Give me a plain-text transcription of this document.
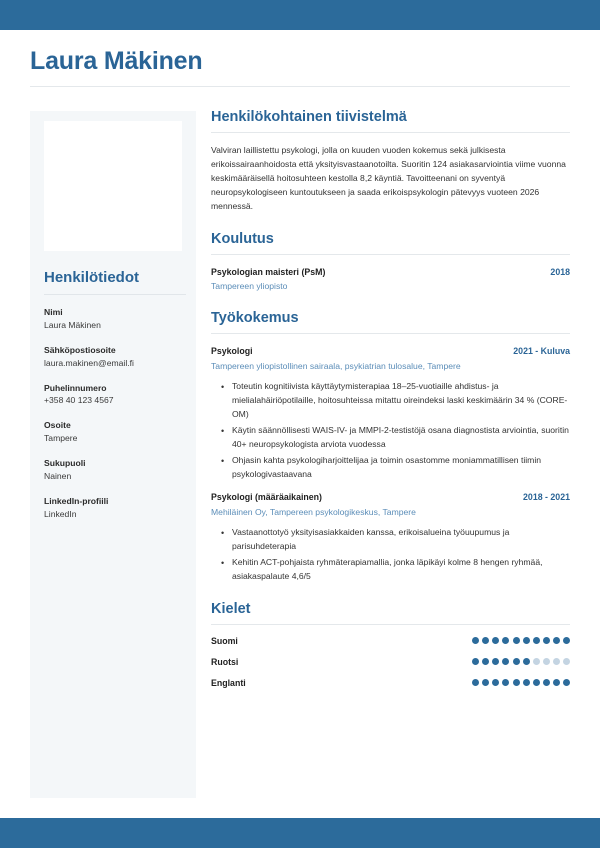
Laura Mäkinen
Henkilötiedot
Nimi
Laura Mäkinen
Sähköpostiosoite
laura.makinen@email.fi
Puhelinnumero
+358 40 123 4567
Osoite
Tampere
Sukupuoli
Nainen
LinkedIn-profiili
LinkedIn
Henkilökohtainen tiivistelmä

Valviran laillistettu psykologi, jolla on kuuden vuoden kokemus sekä julkisesta erikoissairaanhoidosta että yksityisvastaanotoilta. Suoritin 124 asiakasarviointia viime vuonna keskimääräisellä hoitosuhteen kestolla 8,2 käyntiä. Tavoitteenani on syventyä neuropsykologiseen kuntoutukseen ja saada erikoispsykologin pätevyys vuoteen 2026 mennessä.

Koulutus
Psykologian maisteri (PsM)	2018
Tampereen yliopisto
Työkokemus
Psykologi	2021 - Kuluva
Tampereen yliopistollinen sairaala, psykiatrian tulosalue, Tampere
• Toteutin kognitiivista käyttäytymisterapiaa 18–25-vuotiaille ahdistus- ja mielialahäiriöpotilaille, hoitosuhteissa mitattu oireindeksi laski keskimäärin 34 % (CORE-OM)
• Käytin säännöllisesti WAIS-IV- ja MMPI-2-testistöjä osana diagnostista arviointia, suoritin 40+ neuropsykologista arviota vuodessa
• Ohjasin kahta psykologiharjoittelijaa ja toimin osastomme moniammatillisen tiimin psykologivastaavana
Psykologi (määräaikainen)	2018 - 2021
Mehiläinen Oy, Tampereen psykologikeskus, Tampere
• Vastaanottotyö yksityisasiakkaiden kanssa, erikoisalueina työuupumus ja parisuhdeterapia
• Kehitin ACT-pohjaista ryhmäterapiamallia, jonka läpikäyi kolme 8 hengen ryhmää, asiakaspalaute 4,6/5
Kielet
Suomi
Ruotsi
Englanti
